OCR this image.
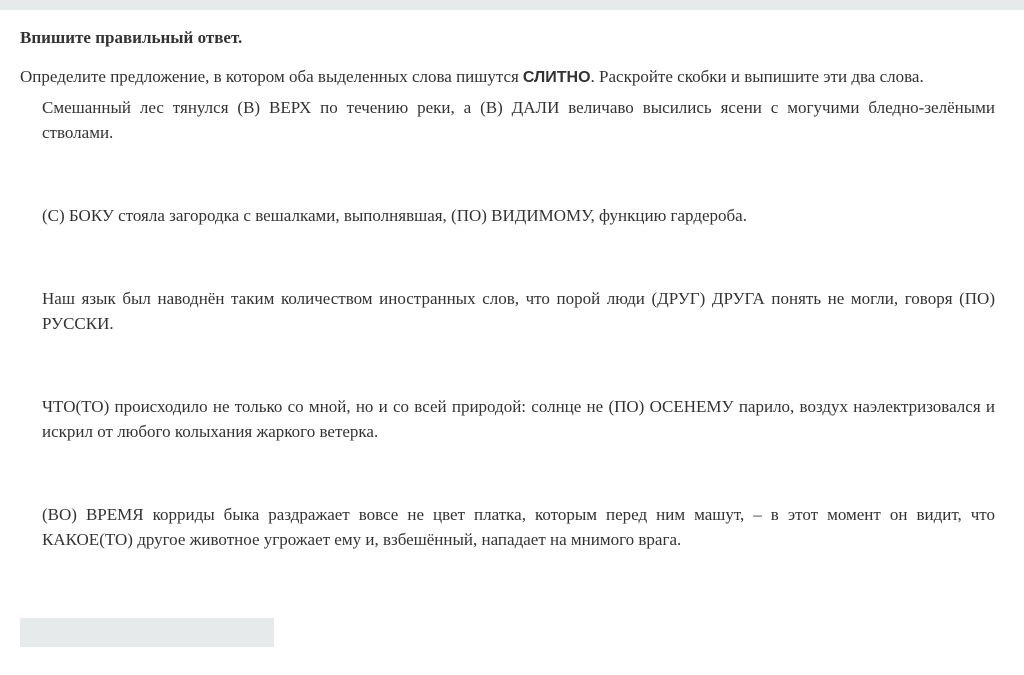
Впишите правильный ответ.
Определите предложение, в котором оба выделенных слова пишутся СЛИТНО. Раскройте скобки и выпишите эти два слова.
Смешанный лес тянулся (В) ВЕРХ по течению реки, а (В) ДАЛИ величаво высились ясени с могучими бледно-зелёными стволами.
(С) БОКУ стояла загородка с вешалками, выполнявшая, (ПО) ВИДИМОМУ, функцию гардероба.
Наш язык был наводнён таким количеством иностранных слов, что порой люди (ДРУГ) ДРУГА понять не могли, говоря (ПО) РУССКИ.
ЧТО(ТО) происходило не только со мной, но и со всей природой: солнце не (ПО) ОСЕНЕМУ парило, воздух наэлектризовался и искрил от любого колыхания жаркого ветерка.
(ВО) ВРЕМЯ корриды быка раздражает вовсе не цвет платка, которым перед ним машут, – в этот момент он видит, что КАКОЕ(ТО) другое животное угрожает ему и, взбешённый, нападает на мнимого врага.
